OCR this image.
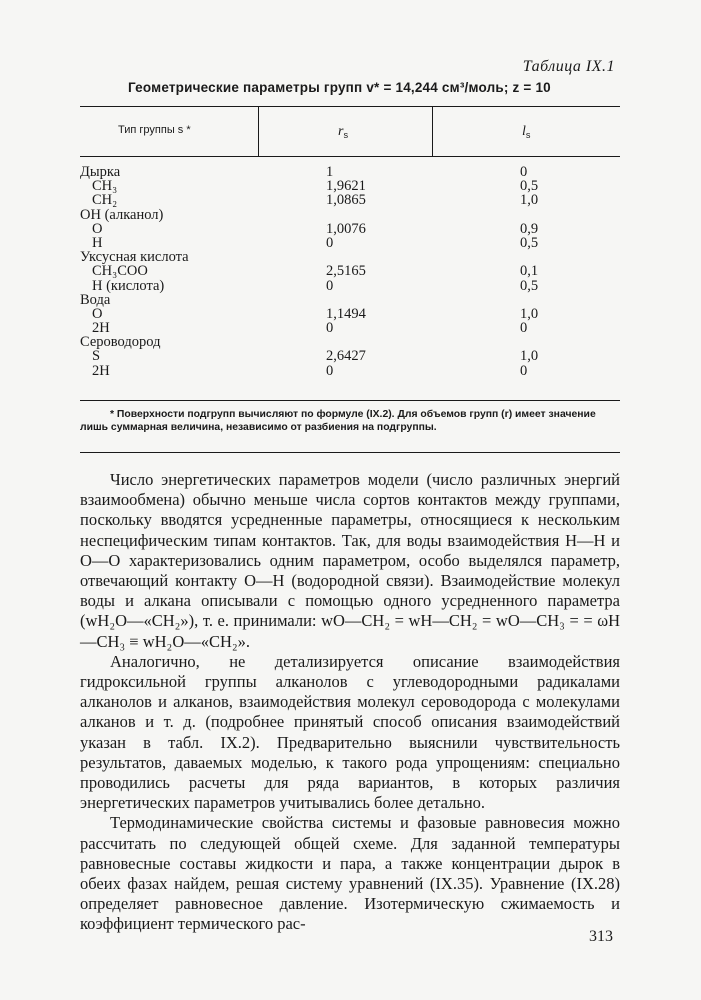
Таблица IX.1
Геометрические параметры групп v* = 14,244 см³/моль; z = 10
Тип группы s *	$r_s$	$l_s$
Дырка	1	0
CH₃	1,9621	0,5
CH₂	1,0865	1,0
OH (алканол)
O	1,0076	0,9
H	0	0,5
Уксусная кислота
CH₃COO	2,5165	0,1
H (кислота)	0	0,5
Вода
O	1,1494	1,0
2H	0	0
Сероводород
S	2,6427	1,0
2H	0	0
* Поверхности подгрупп вычисляют по формуле (IX.2). Для объемов групп (r) имеет значение лишь суммарная величина, независимо от разбиения на подгруппы.

Число энергетических параметров модели (число различных энергий взаимообмена) обычно меньше числа сортов контактов между группами, поскольку вводятся усредненные параметры, относящиеся к нескольким неспецифическим типам контактов. Так, для воды взаимодействия H—H и O—O характеризовались одним параметром, особо выделялся параметр, отвечающий контакту O—H (водородной связи). Взаимодействие молекул воды и алкана описывали с помощью одного усредненного параметра (wH₂O—«CH₂»), т. е. принимали: wO—CH₂ = wH—CH₂ = wO—CH₃ = = ωH—CH₃ ≡ wH₂O—«CH₂».

Аналогично, не детализируется описание взаимодействия гидроксильной группы алканолов с углеводородными радикалами алканолов и алканов, взаимодействия молекул сероводорода с молекулами алканов и т. д. (подробнее принятый способ описания взаимодействий указан в табл. IX.2). Предварительно выяснили чувствительность результатов, даваемых моделью, к такого рода упрощениям: специально проводились расчеты для ряда вариантов, в которых различия энергетических параметров учитывались более детально.

Термодинамические свойства системы и фазовые равновесия можно рассчитать по следующей общей схеме. Для заданной температуры равновесные составы жидкости и пара, а также концентрации дырок в обеих фазах найдем, решая систему уравнений (IX.35). Уравнение (IX.28) определяет равновесное давление. Изотермическую сжимаемость и коэффициент термического рас-

313
